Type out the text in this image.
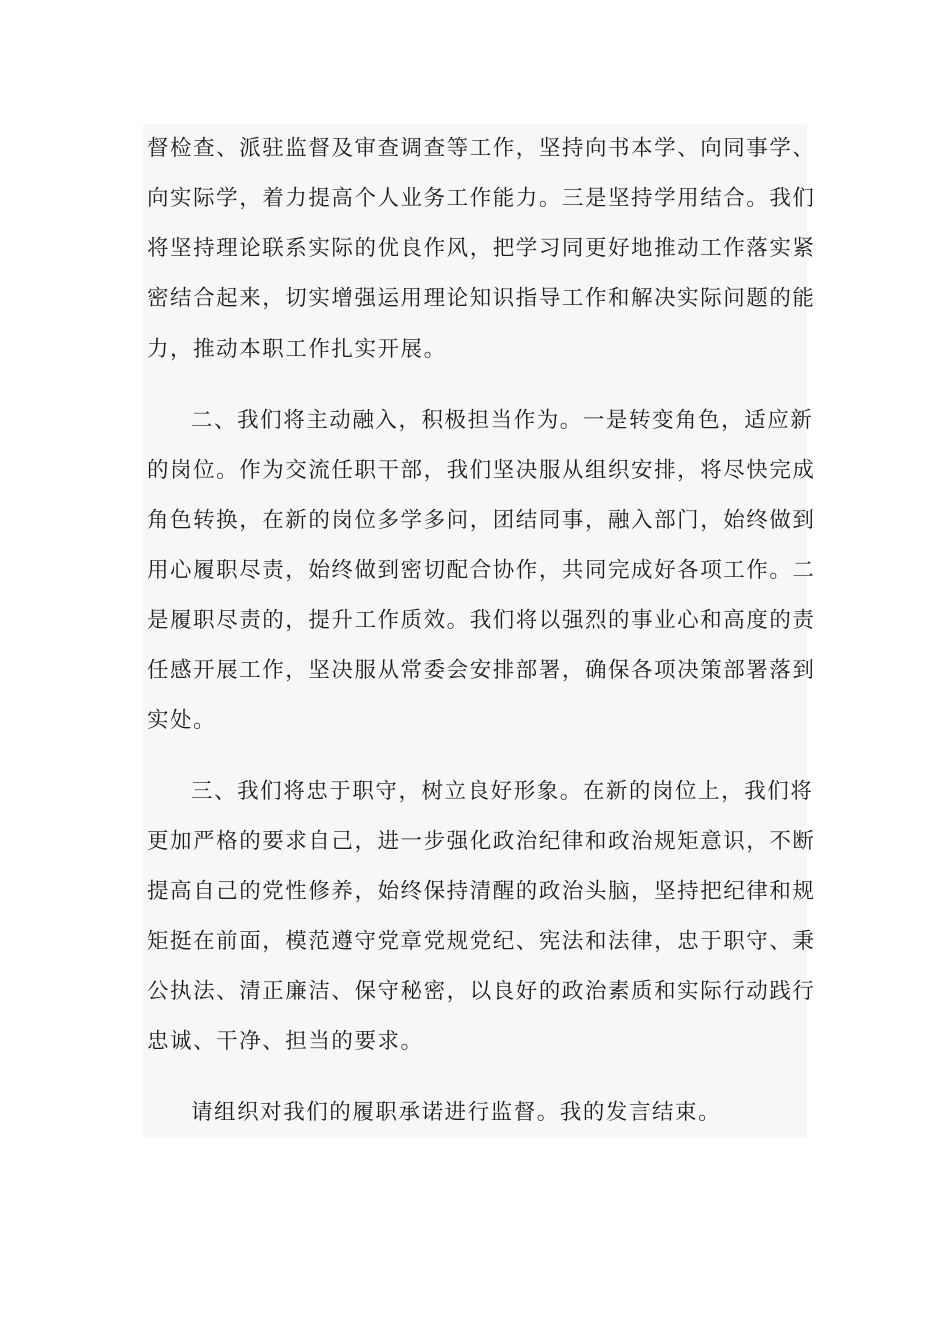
督检查、派驻监督及审查调查等工作，坚持向书本学、向同事学、
向实际学，着力提高个人业务工作能力。三是坚持学用结合。我们
将坚持理论联系实际的优良作风，把学习同更好地推动工作落实紧
密结合起来，切实增强运用理论知识指导工作和解决实际问题的能
力，推动本职工作扎实开展。
二、我们将主动融入，积极担当作为。一是转变角色，适应新
的岗位。作为交流任职干部，我们坚决服从组织安排，将尽快完成
角色转换，在新的岗位多学多问，团结同事，融入部门，始终做到
用心履职尽责，始终做到密切配合协作，共同完成好各项工作。二
是履职尽责的，提升工作质效。我们将以强烈的事业心和高度的责
任感开展工作，坚决服从常委会安排部署，确保各项决策部署落到
实处。
三、我们将忠于职守，树立良好形象。在新的岗位上，我们将
更加严格的要求自己，进一步强化政治纪律和政治规矩意识，不断
提高自己的党性修养，始终保持清醒的政治头脑，坚持把纪律和规
矩挺在前面，模范遵守党章党规党纪、宪法和法律，忠于职守、秉
公执法、清正廉洁、保守秘密，以良好的政治素质和实际行动践行
忠诚、干净、担当的要求。
请组织对我们的履职承诺进行监督。我的发言结束。
